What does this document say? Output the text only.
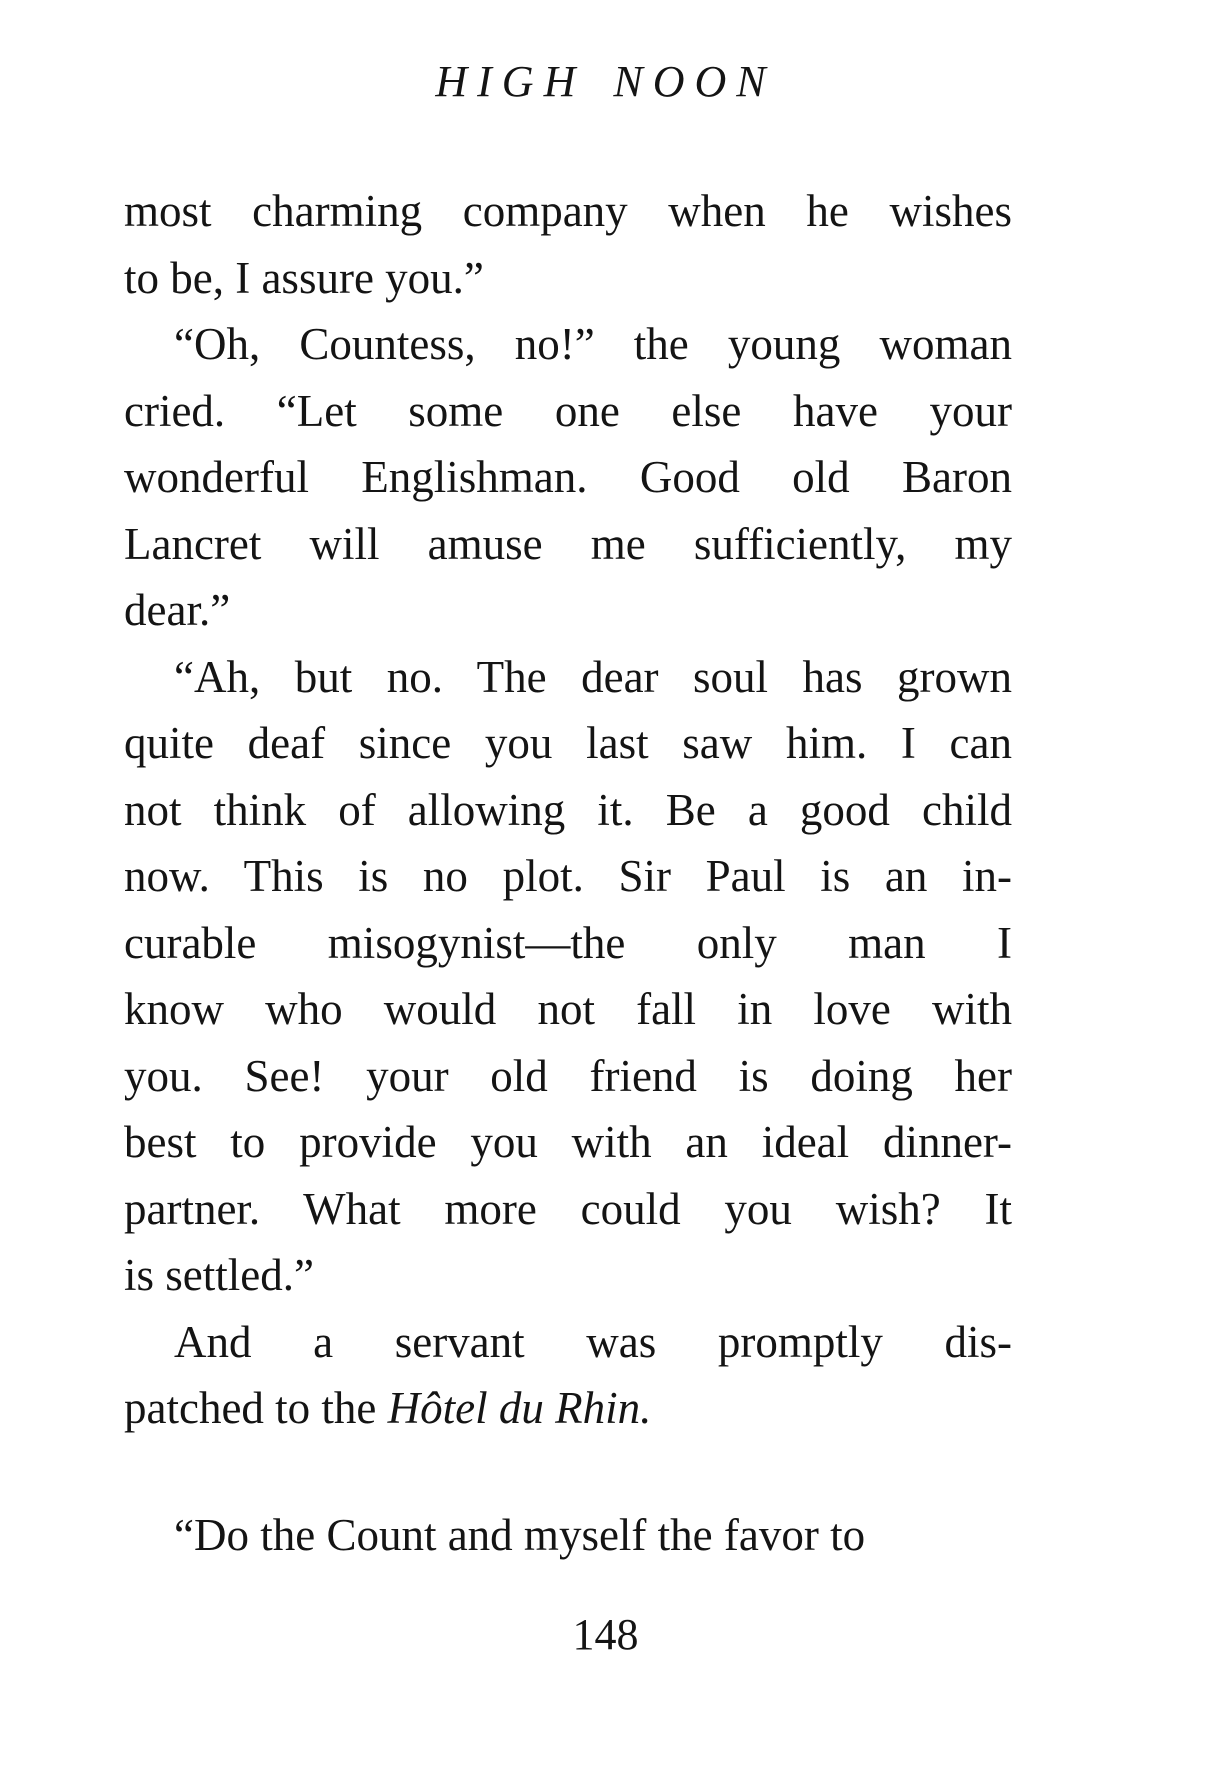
HIGH NOON
most charming company when he wishes
to be, I assure you.”
“Oh, Countess, no!” the young woman
cried. “Let some one else have your
wonderful Englishman. Good old Baron
Lancret will amuse me sufficiently, my
dear.”
“Ah, but no. The dear soul has grown
quite deaf since you last saw him. I can
not think of allowing it. Be a good child
now. This is no plot. Sir Paul is an in-
curable misogynist—the only man I
know who would not fall in love with
you. See! your old friend is doing her
best to provide you with an ideal dinner-
partner. What more could you wish? It
is settled.”
And a servant was promptly dis-
patched to the Hôtel du Rhin.
“Do the Count and myself the favor to
148
